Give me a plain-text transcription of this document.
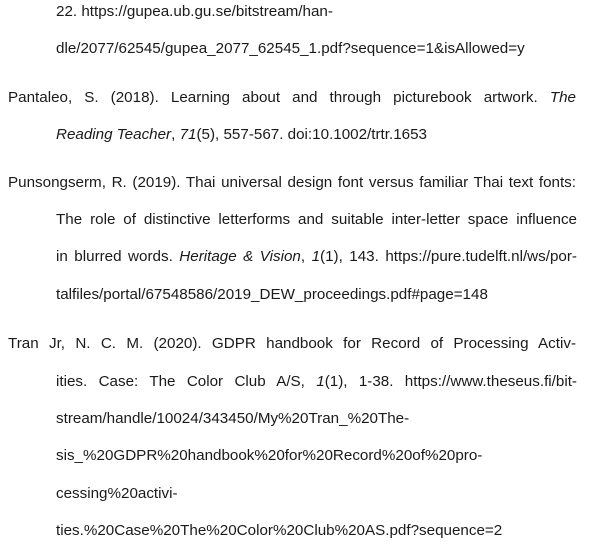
22. https://gupea.ub.gu.se/bitstream/han-

dle/2077/62545/gupea_2077_62545_1.pdf?sequence=1&isAllowed=y

Pantaleo, S. (2018). Learning about and through picturebook artwork. The

Reading Teacher, 71(5), 557-567. doi:10.1002/trtr.1653

Punsongserm, R. (2019). Thai universal design font versus familiar Thai text fonts:

The role of distinctive letterforms and suitable inter-letter space influence

in blurred words. Heritage & Vision, 1(1), 143. https://pure.tudelft.nl/ws/por-

talfiles/portal/67548586/2019_DEW_proceedings.pdf#page=148

Tran Jr, N. C. M. (2020). GDPR handbook for Record of Processing Activ-

ities. Case: The Color Club A/S, 1(1), 1-38. https://www.theseus.fi/bit-

stream/handle/10024/343450/My%20Tran_%20The-

sis_%20GDPR%20handbook%20for%20Record%20of%20pro-

cessing%20activi-

ties.%20Case%20The%20Color%20Club%20AS.pdf?sequence=2
